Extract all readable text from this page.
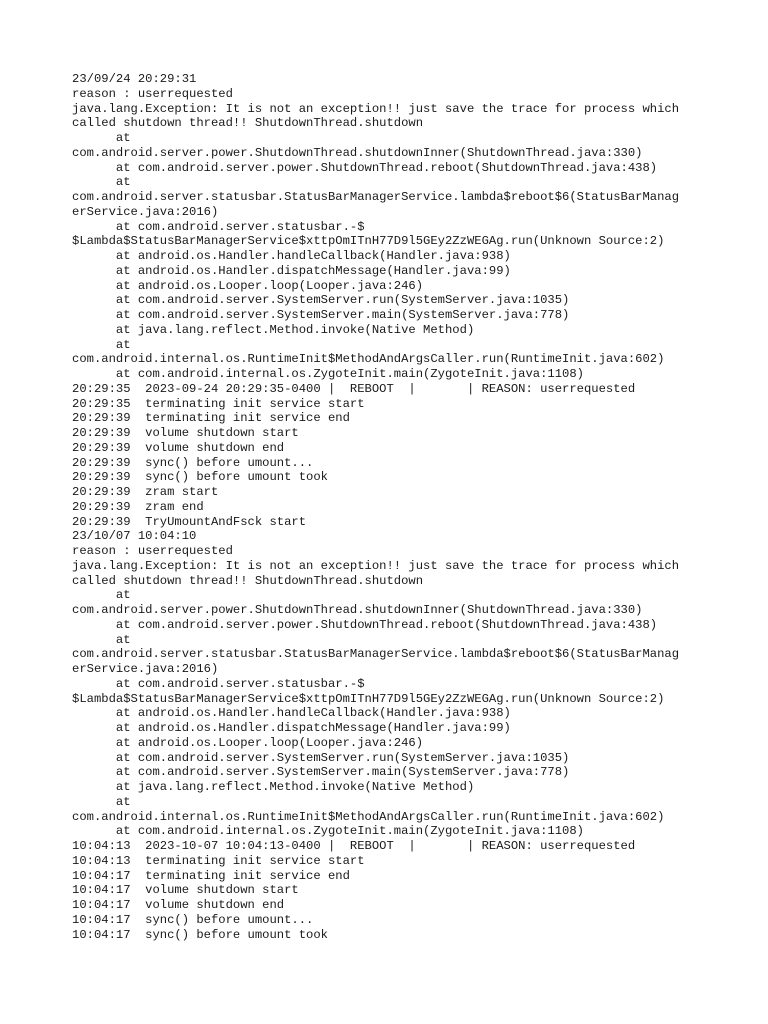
23/09/24 20:29:31
reason : userrequested
java.lang.Exception: It is not an exception!! just save the trace for process which
called shutdown thread!! ShutdownThread.shutdown
at
com.android.server.power.ShutdownThread.shutdownInner(ShutdownThread.java:330)
at com.android.server.power.ShutdownThread.reboot(ShutdownThread.java:438)
at
com.android.server.statusbar.StatusBarManagerService.lambda$reboot$6(StatusBarManag
erService.java:2016)
at com.android.server.statusbar.-$
$Lambda$StatusBarManagerService$xttpOmITnH77D9l5GEy2ZzWEGAg.run(Unknown Source:2)
at android.os.Handler.handleCallback(Handler.java:938)
at android.os.Handler.dispatchMessage(Handler.java:99)
at android.os.Looper.loop(Looper.java:246)
at com.android.server.SystemServer.run(SystemServer.java:1035)
at com.android.server.SystemServer.main(SystemServer.java:778)
at java.lang.reflect.Method.invoke(Native Method)
at
com.android.internal.os.RuntimeInit$MethodAndArgsCaller.run(RuntimeInit.java:602)
at com.android.internal.os.ZygoteInit.main(ZygoteInit.java:1108)
20:29:35  2023-09-24 20:29:35-0400 |  REBOOT  |       | REASON: userrequested
20:29:35  terminating init service start
20:29:39  terminating init service end
20:29:39  volume shutdown start
20:29:39  volume shutdown end
20:29:39  sync() before umount...
20:29:39  sync() before umount took
20:29:39  zram start
20:29:39  zram end
20:29:39  TryUmountAndFsck start
23/10/07 10:04:10
reason : userrequested
java.lang.Exception: It is not an exception!! just save the trace for process which
called shutdown thread!! ShutdownThread.shutdown
at
com.android.server.power.ShutdownThread.shutdownInner(ShutdownThread.java:330)
at com.android.server.power.ShutdownThread.reboot(ShutdownThread.java:438)
at
com.android.server.statusbar.StatusBarManagerService.lambda$reboot$6(StatusBarManag
erService.java:2016)
at com.android.server.statusbar.-$
$Lambda$StatusBarManagerService$xttpOmITnH77D9l5GEy2ZzWEGAg.run(Unknown Source:2)
at android.os.Handler.handleCallback(Handler.java:938)
at android.os.Handler.dispatchMessage(Handler.java:99)
at android.os.Looper.loop(Looper.java:246)
at com.android.server.SystemServer.run(SystemServer.java:1035)
at com.android.server.SystemServer.main(SystemServer.java:778)
at java.lang.reflect.Method.invoke(Native Method)
at
com.android.internal.os.RuntimeInit$MethodAndArgsCaller.run(RuntimeInit.java:602)
at com.android.internal.os.ZygoteInit.main(ZygoteInit.java:1108)
10:04:13  2023-10-07 10:04:13-0400 |  REBOOT  |       | REASON: userrequested
10:04:13  terminating init service start
10:04:17  terminating init service end
10:04:17  volume shutdown start
10:04:17  volume shutdown end
10:04:17  sync() before umount...
10:04:17  sync() before umount took
